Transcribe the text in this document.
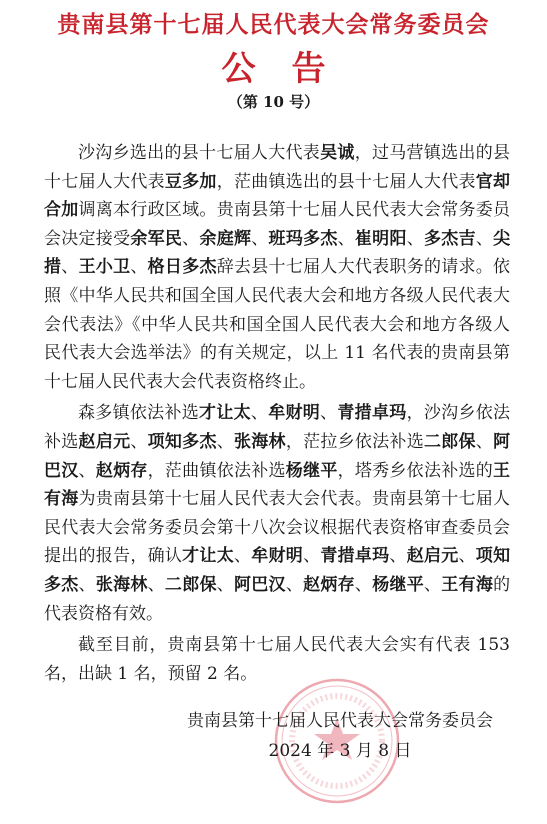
贵南县第十七届人民代表大会常务委员会
公告
（第 10 号）

沙沟乡选出的县十七届人大代表吴诚，过马营镇选出的县十七届人大代表豆多加，茫曲镇选出的县十七届人大代表官却合加调离本行政区域。贵南县第十七届人民代表大会常务委员会决定接受余军民、余庭辉、班玛多杰、崔明阳、多杰吉、尖措、王小卫、格日多杰辞去县十七届人大代表职务的请求。依照《中华人民共和国全国人民代表大会和地方各级人民代表大会代表法》《中华人民共和国全国人民代表大会和地方各级人民代表大会选举法》的有关规定，以上 11 名代表的贵南县第十七届人民代表大会代表资格终止。

森多镇依法补选才让太、牟财明、青措卓玛，沙沟乡依法补选赵启元、项知多杰、张海林，茫拉乡依法补选二郎保、阿巴汉、赵炳存，茫曲镇依法补选杨继平，塔秀乡依法补选的王有海为贵南县第十七届人民代表大会代表。贵南县第十七届人民代表大会常务委员会第十八次会议根据代表资格审查委员会提出的报告，确认才让太、牟财明、青措卓玛、赵启元、项知多杰、张海林、二郎保、阿巴汉、赵炳存、杨继平、王有海的代表资格有效。

截至目前，贵南县第十七届人民代表大会实有代表 153 名，出缺 1 名，预留 2 名。

贵南县第十七届人民代表大会常务委员会
2024 年 3 月 8 日
